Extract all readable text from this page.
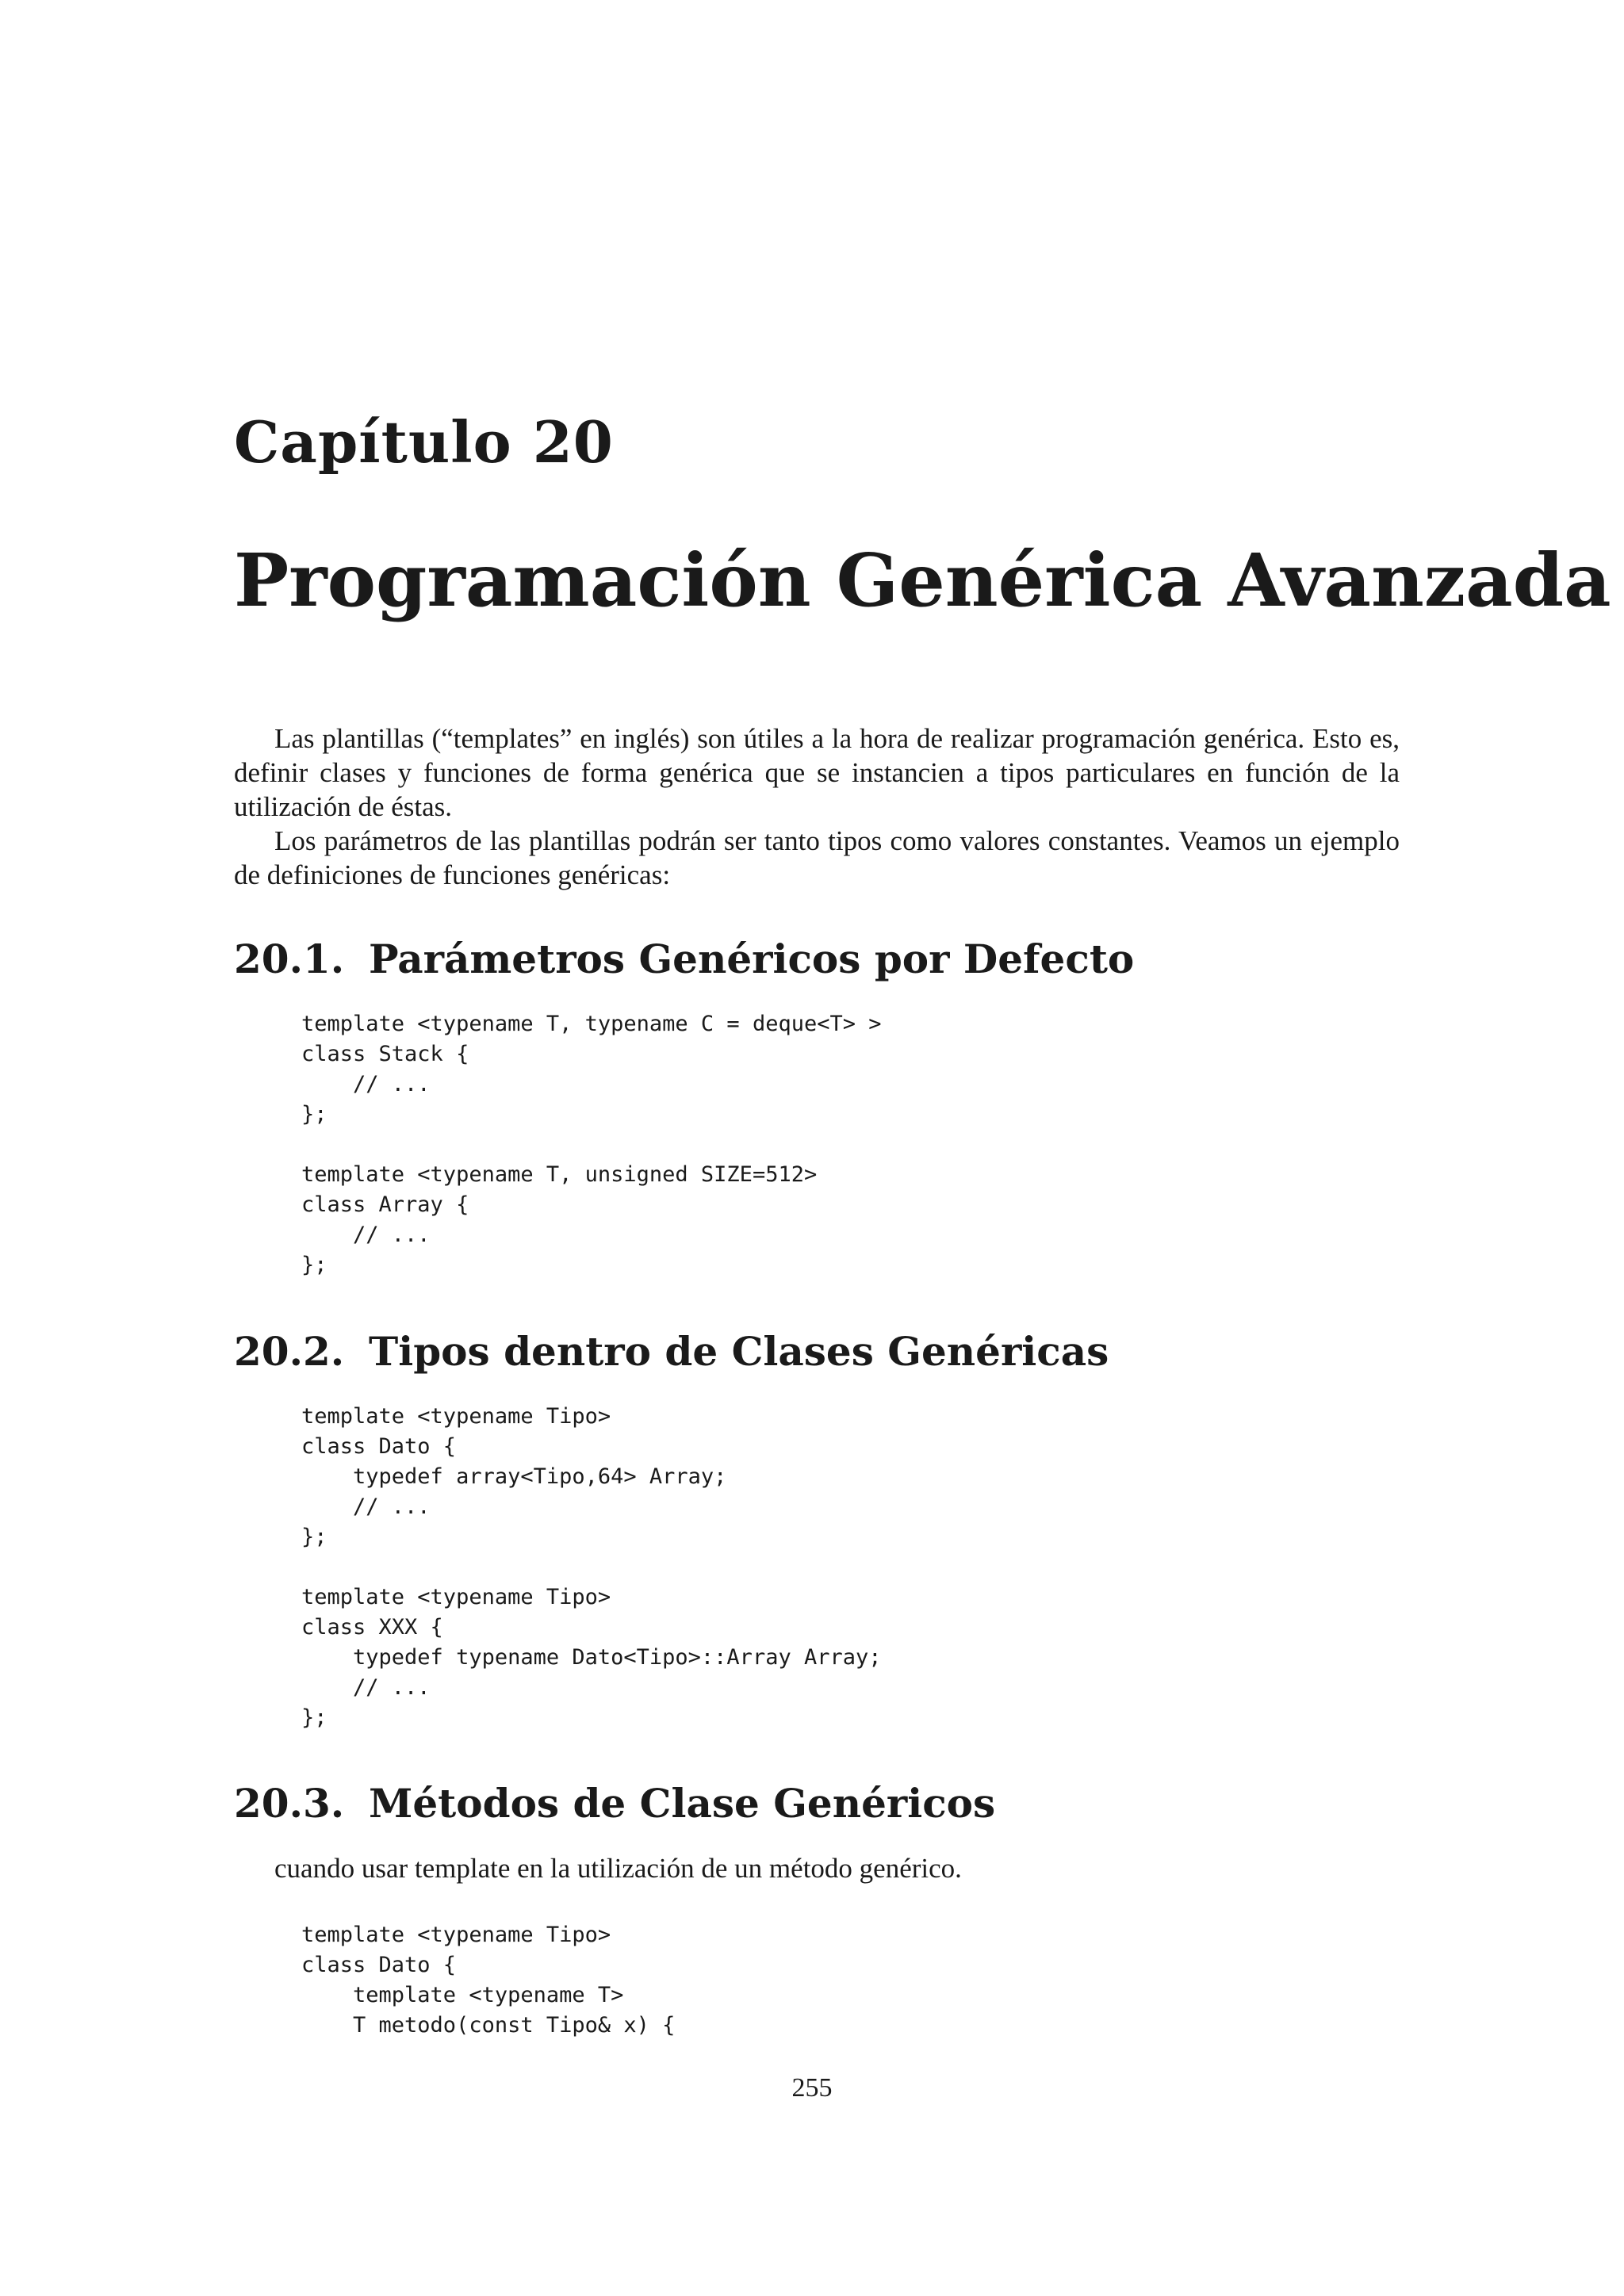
Capítulo 20
Programación Genérica Avanzada

Las plantillas (“templates” en inglés) son útiles a la hora de realizar programación genérica. Esto es, definir clases y funciones de forma genérica que se instancien a tipos particulares en función de la utilización de éstas.

Los parámetros de las plantillas podrán ser tanto tipos como valores constantes. Veamos un ejemplo de definiciones de funciones genéricas:

20.1. Parámetros Genéricos por Defecto
template <typename T, typename C = deque<T> >
class Stack {
// ...
};

template <typename T, unsigned SIZE=512>
class Array {
// ...
};
20.2. Tipos dentro de Clases Genéricas
template <typename Tipo>
class Dato {
typedef array<Tipo,64> Array;
// ...
};

template <typename Tipo>
class XXX {
typedef typename Dato<Tipo>::Array Array;
// ...
};
20.3. Métodos de Clase Genéricos
cuando usar template en la utilización de un método genérico.
template <typename Tipo>
class Dato {
template <typename T>
T metodo(const Tipo& x) {
255
